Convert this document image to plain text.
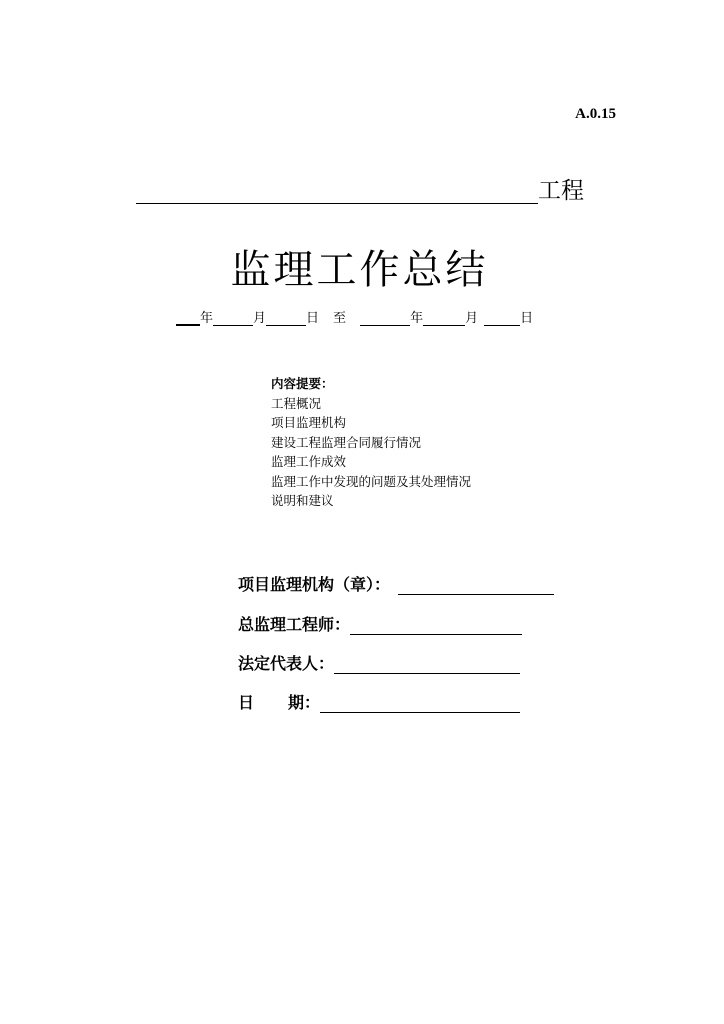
A.0.15
工程
监理工作总结
年	月	日 至	年	月	日
内容提要：
工程概况
项目监理机构
建设工程监理合同履行情况
监理工作成效
监理工作中发现的问题及其处理情况
说明和建议
项目监理机构（章）：
总监理工程师：
法定代表人：
日 期：
